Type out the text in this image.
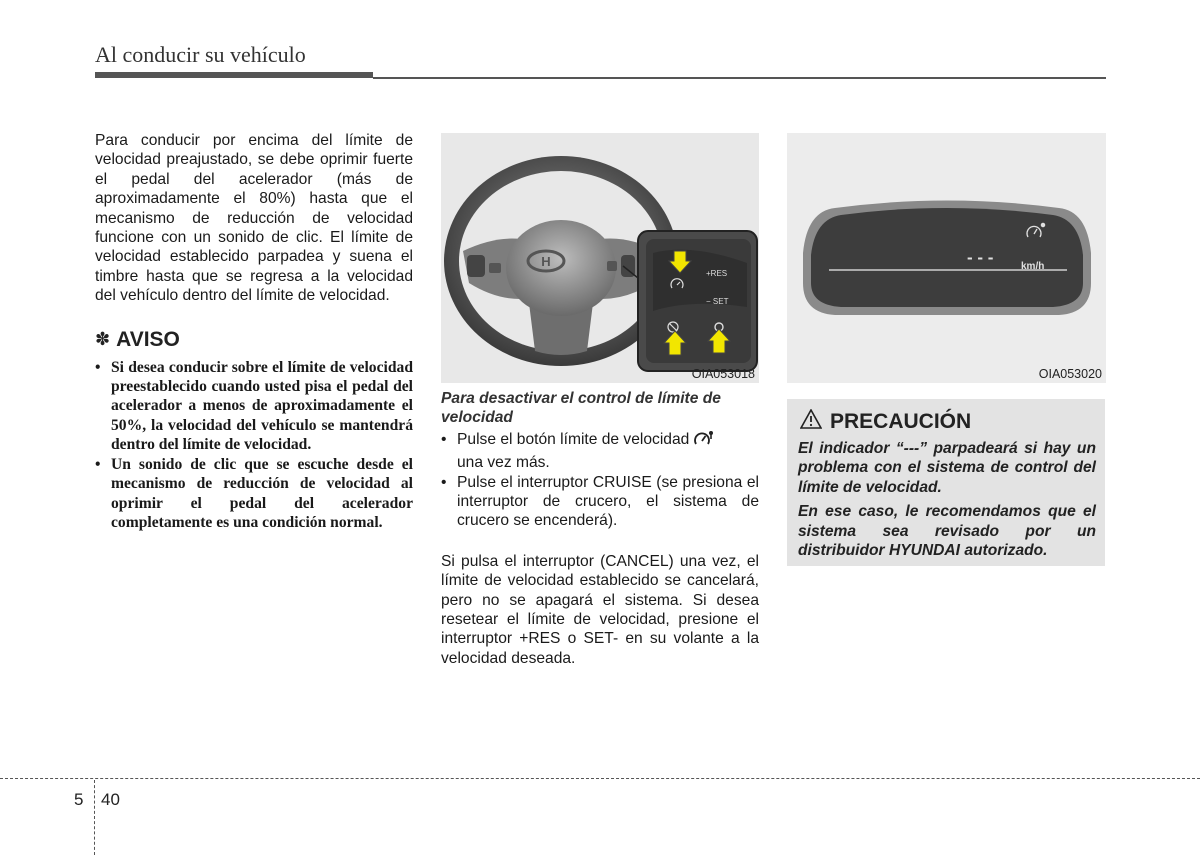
Al conducir su vehículo

Para conducir por encima del límite de velocidad preajustado, se debe oprimir fuerte el pedal del acelerador (más de aproximadamente el 80%) hasta que el mecanismo de reducción de velocidad funcione con un sonido de clic. El límite de velocidad establecido parpadea y suena el timbre hasta que se regresa a la velocidad del vehículo dentro del límite de velocidad.

✽ AVISO
• Si desea conducir sobre el límite de velocidad preestablecido cuando usted pisa el pedal del acelerador a menos de aproximadamente el 50%, la velocidad del vehículo se mantendrá dentro del límite de velocidad.
• Un sonido de clic que se escuche desde el mecanismo de reducción de velocidad al oprimir el pedal del acelerador completamente es una condición normal.
H
+RES
− SET
OIA053018

Para desactivar el control de límite de velocidad

• Pulse el botón límite de velocidad
una vez más.
• Pulse el interruptor CRUISE (se presiona el interruptor de crucero, el sistema de crucero se encenderá).

Si pulsa el interruptor (CANCEL) una vez, el límite de velocidad establecido se cancelará, pero no se apagará el sistema. Si desea resetear el límite de velocidad, presione el interruptor +RES o SET- en su volante a la velocidad deseada.

- - -	km/h
OIA053020
PRECAUCIÓN

El indicador “---” parpadeará si hay un problema con el sistema de control del límite de velocidad.

En ese caso, le recomendamos que el sistema sea revisado por un distribuidor HYUNDAI autorizado.

5 40
